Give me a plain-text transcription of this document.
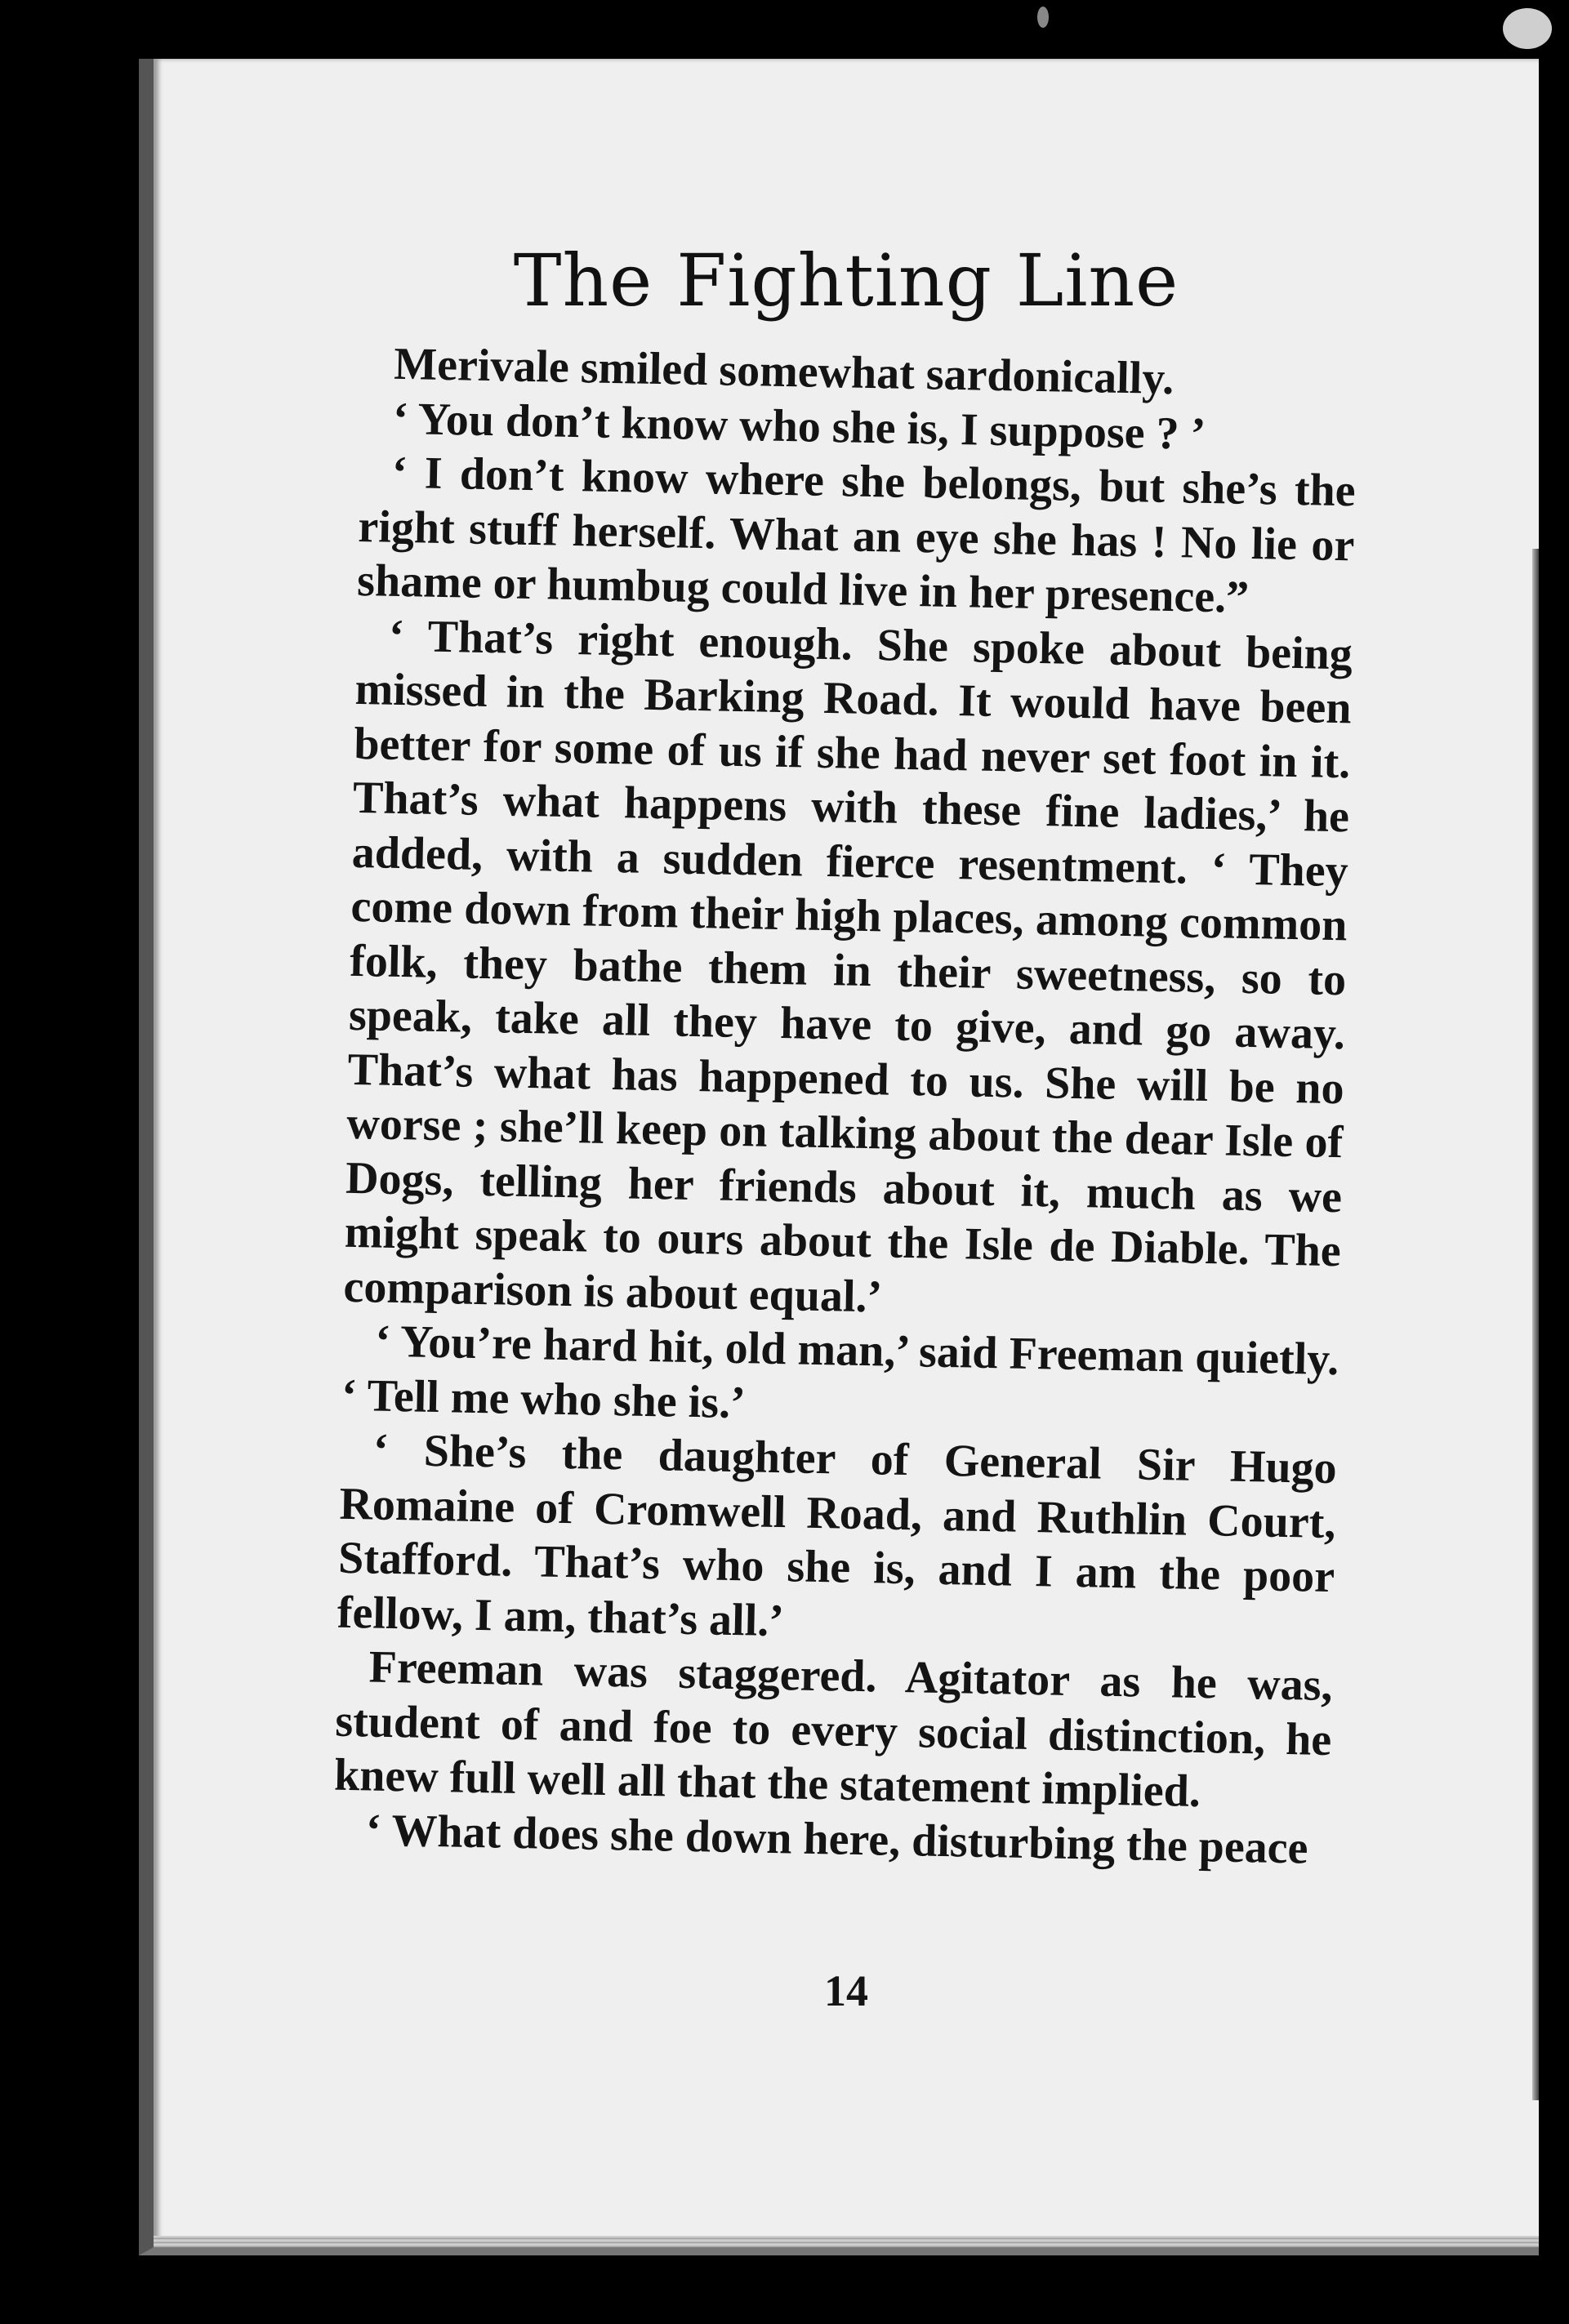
The Fighting Line

Merivale smiled somewhat sardonically.

‘ You don’t know who she is, I suppose ? ’

‘ I don’t know where she belongs, but she’s the right stuff herself. What an eye she has ! No lie or shame or humbug could live in her presence.”

‘ That’s right enough. She spoke about being missed in the Barking Road. It would have been better for some of us if she had never set foot in it. That’s what happens with these fine ladies,’ he added, with a sudden fierce resentment. ‘ They come down from their high places, among common folk, they bathe them in their sweetness, so to speak, take all they have to give, and go away. That’s what has happened to us. She will be no worse ; she’ll keep on talking about the dear Isle of Dogs, telling her friends about it, much as we might speak to ours about the Isle de Diable. The comparison is about equal.’

‘ You’re hard hit, old man,’ said Freeman quietly. ‘ Tell me who she is.’

‘ She’s the daughter of General Sir Hugo Romaine of Cromwell Road, and Ruthlin Court, Stafford. That’s who she is, and I am the poor fellow, I am, that’s all.’

Freeman was staggered. Agitator as he was, student of and foe to every social distinction, he knew full well all that the statement implied.

‘ What does she down here, disturbing the peace

14
